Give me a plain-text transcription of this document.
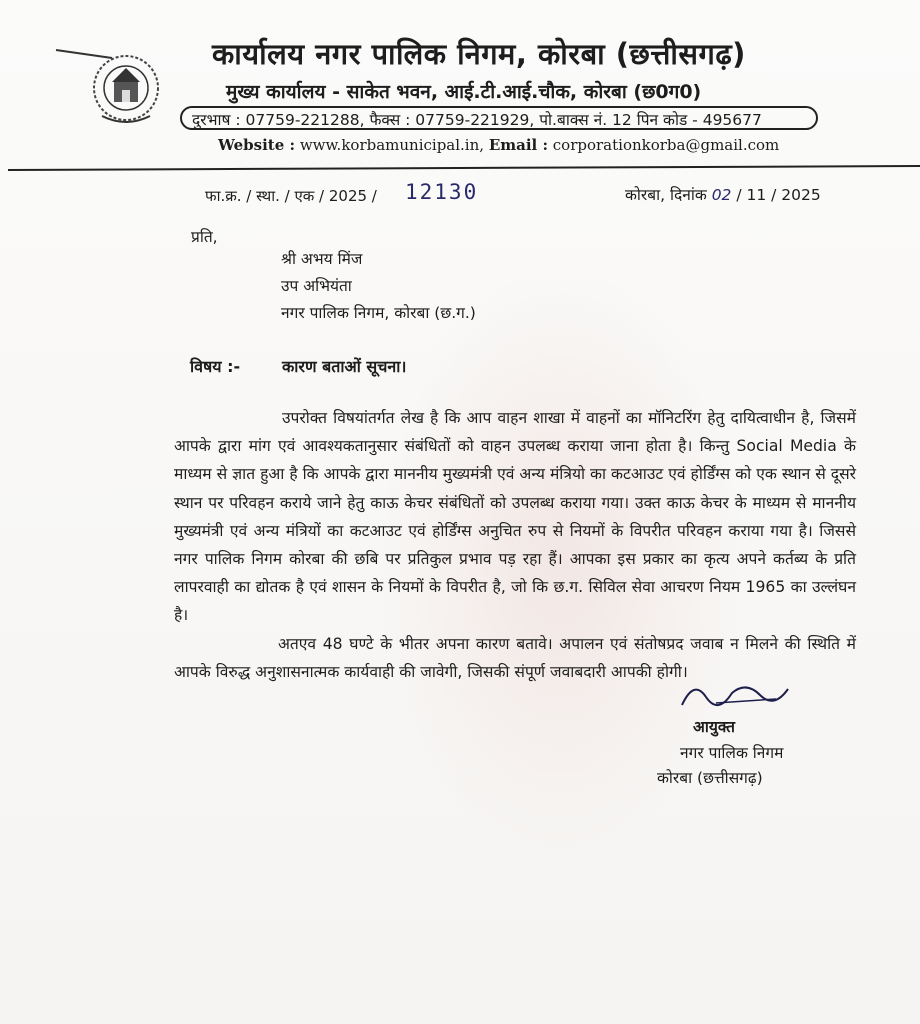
कार्यालय नगर पालिक निगम, कोरबा (छत्तीसगढ़)
मुख्य कार्यालय - साकेत भवन, आई.टी.आई.चौक, कोरबा (छ0ग0)
दुरभाष : 07759-221288, फैक्स : 07759-221929, पो.बाक्स नं. 12 पिन कोड - 495677
Website : www.korbamunicipal.in, Email : corporationkorba@gmail.com
फा.क्र. / स्था. / एक / 2025 / 12130	कोरबा, दिनांक 02 / 11 / 2025
प्रति,
श्री अभय मिंज
उप अभियंता
नगर पालिक निगम, कोरबा (छ.ग.)
विषय :-	कारण बताओं सूचना।

उपरोक्त विषयांतर्गत लेख है कि आप वाहन शाखा में वाहनों का मॉनिटरिंग हेतु दायित्वाधीन है, जिसमें आपके द्वारा मांग एवं आवश्यकतानुसार संबंधितों को वाहन उपलब्ध कराया जाना होता है। किन्तु Social Media के माध्यम से ज्ञात हुआ है कि आपके द्वारा माननीय मुख्यमंत्री एवं अन्य मंत्रियो का कटआउट एवं होर्डिंग्स को एक स्थान से दूसरे स्थान पर परिवहन कराये जाने हेतु काऊ केचर संबंधितों को उपलब्ध कराया गया। उक्त काऊ केचर के माध्यम से माननीय मुख्यमंत्री एवं अन्य मंत्रियों का कटआउट एवं होर्डिंग्स अनुचित रुप से नियमों के विपरीत परिवहन कराया गया है। जिससे नगर पालिक निगम कोरबा की छबि पर प्रतिकुल प्रभाव पड़ रहा हैं। आपका इस प्रकार का कृत्य अपने कर्तब्य के प्रति लापरवाही का द्योतक है एवं शासन के नियमों के विपरीत है, जो कि छ.ग. सिविल सेवा आचरण नियम 1965 का उल्लंघन है।

अतएव 48 घण्टे के भीतर अपना कारण बतावे। अपालन एवं संतोषप्रद जवाब न मिलने की स्थिति में आपके विरुद्ध अनुशासनात्मक कार्यवाही की जावेगी, जिसकी संपूर्ण जवाबदारी आपकी होगी।

आयुक्त
नगर पालिक निगम
कोरबा (छत्तीसगढ़)
